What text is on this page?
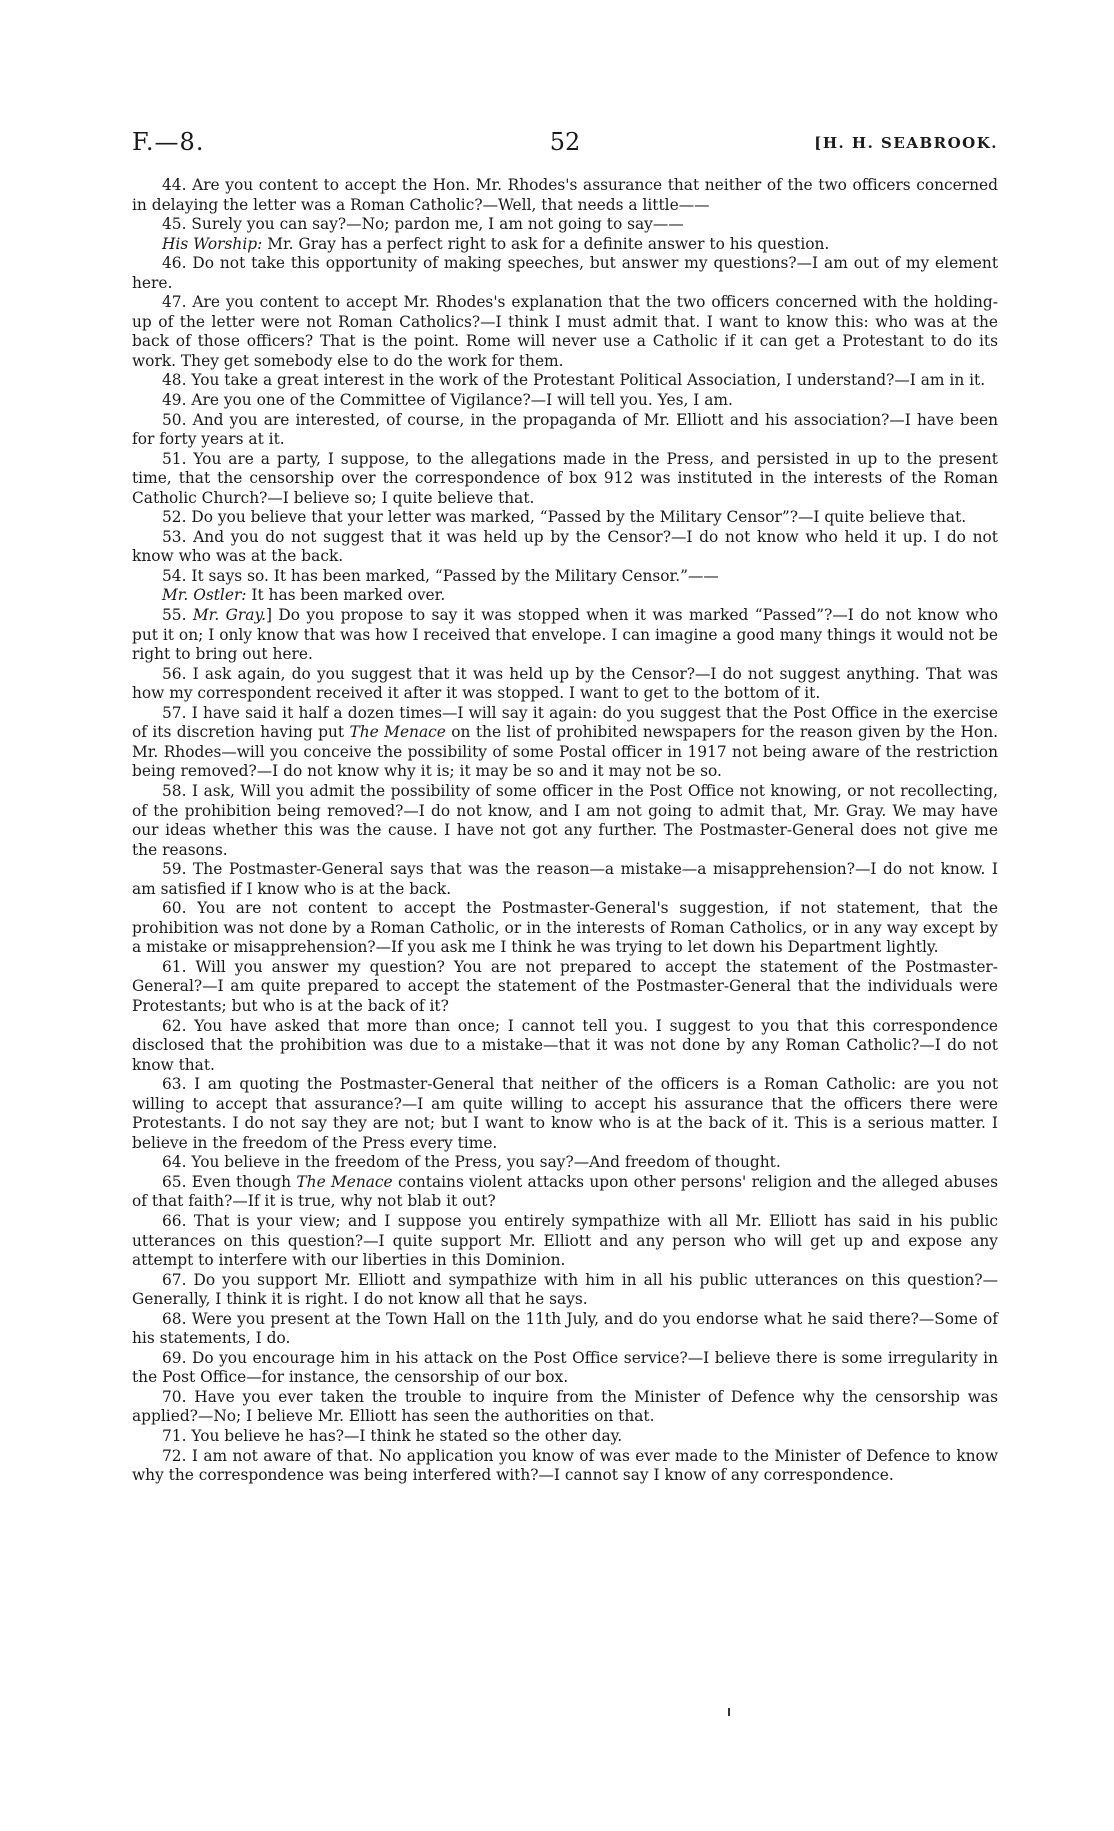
F.—8.	52	[H. H. SEABROOK.

44. Are you content to accept the Hon. Mr. Rhodes's assurance that neither of the two officers concerned in delaying the letter was a Roman Catholic?—Well, that needs a little——

45. Surely you can say?—No; pardon me, I am not going to say——

His Worship: Mr. Gray has a perfect right to ask for a definite answer to his question.

46. Do not take this opportunity of making speeches, but answer my questions?—I am out of my element here.

47. Are you content to accept Mr. Rhodes's explanation that the two officers concerned with the holding-up of the letter were not Roman Catholics?—I think I must admit that. I want to know this: who was at the back of those officers? That is the point. Rome will never use a Catholic if it can get a Protestant to do its work. They get somebody else to do the work for them.

48. You take a great interest in the work of the Protestant Political Association, I understand?—I am in it.

49. Are you one of the Committee of Vigilance?—I will tell you. Yes, I am.

50. And you are interested, of course, in the propaganda of Mr. Elliott and his association?—I have been for forty years at it.

51. You are a party, I suppose, to the allegations made in the Press, and persisted in up to the present time, that the censorship over the correspondence of box 912 was instituted in the interests of the Roman Catholic Church?—I believe so; I quite believe that.

52. Do you believe that your letter was marked, “Passed by the Military Censor”?—I quite believe that.

53. And you do not suggest that it was held up by the Censor?—I do not know who held it up. I do not know who was at the back.

54. It says so. It has been marked, “Passed by the Military Censor.”——

Mr. Ostler: It has been marked over.

55. Mr. Gray.] Do you propose to say it was stopped when it was marked “Passed”?—I do not know who put it on; I only know that was how I received that envelope. I can imagine a good many things it would not be right to bring out here.

56. I ask again, do you suggest that it was held up by the Censor?—I do not suggest anything. That was how my correspondent received it after it was stopped. I want to get to the bottom of it.

57. I have said it half a dozen times—I will say it again: do you suggest that the Post Office in the exercise of its discretion having put The Menace on the list of prohibited newspapers for the reason given by the Hon. Mr. Rhodes—will you conceive the possibility of some Postal officer in 1917 not being aware of the restriction being removed?—I do not know why it is; it may be so and it may not be so.

58. I ask, Will you admit the possibility of some officer in the Post Office not knowing, or not recollecting, of the prohibition being removed?—I do not know, and I am not going to admit that, Mr. Gray. We may have our ideas whether this was the cause. I have not got any further. The Postmaster-General does not give me the reasons.

59. The Postmaster-General says that was the reason—a mistake—a misapprehension?—I do not know. I am satisfied if I know who is at the back.

60. You are not content to accept the Postmaster-General's suggestion, if not statement, that the prohibition was not done by a Roman Catholic, or in the interests of Roman Catholics, or in any way except by a mistake or misapprehension?—If you ask me I think he was trying to let down his Department lightly.

61. Will you answer my question? You are not prepared to accept the statement of the Postmaster-General?—I am quite prepared to accept the statement of the Postmaster-General that the individuals were Protestants; but who is at the back of it?

62. You have asked that more than once; I cannot tell you. I suggest to you that this correspondence disclosed that the prohibition was due to a mistake—that it was not done by any Roman Catholic?—I do not know that.

63. I am quoting the Postmaster-General that neither of the officers is a Roman Catholic: are you not willing to accept that assurance?—I am quite willing to accept his assurance that the officers there were Protestants. I do not say they are not; but I want to know who is at the back of it. This is a serious matter. I believe in the freedom of the Press every time.

64. You believe in the freedom of the Press, you say?—And freedom of thought.

65. Even though The Menace contains violent attacks upon other persons' religion and the alleged abuses of that faith?—If it is true, why not blab it out?

66. That is your view; and I suppose you entirely sympathize with all Mr. Elliott has said in his public utterances on this question?—I quite support Mr. Elliott and any person who will get up and expose any attempt to interfere with our liberties in this Dominion.

67. Do you support Mr. Elliott and sympathize with him in all his public utterances on this question?—Generally, I think it is right. I do not know all that he says.

68. Were you present at the Town Hall on the 11th July, and do you endorse what he said there?—Some of his statements, I do.

69. Do you encourage him in his attack on the Post Office service?—I believe there is some irregularity in the Post Office—for instance, the censorship of our box.

70. Have you ever taken the trouble to inquire from the Minister of Defence why the censorship was applied?—No; I believe Mr. Elliott has seen the authorities on that.

71. You believe he has?—I think he stated so the other day.

72. I am not aware of that. No application you know of was ever made to the Minister of Defence to know why the correspondence was being interfered with?—I cannot say I know of any correspondence.
